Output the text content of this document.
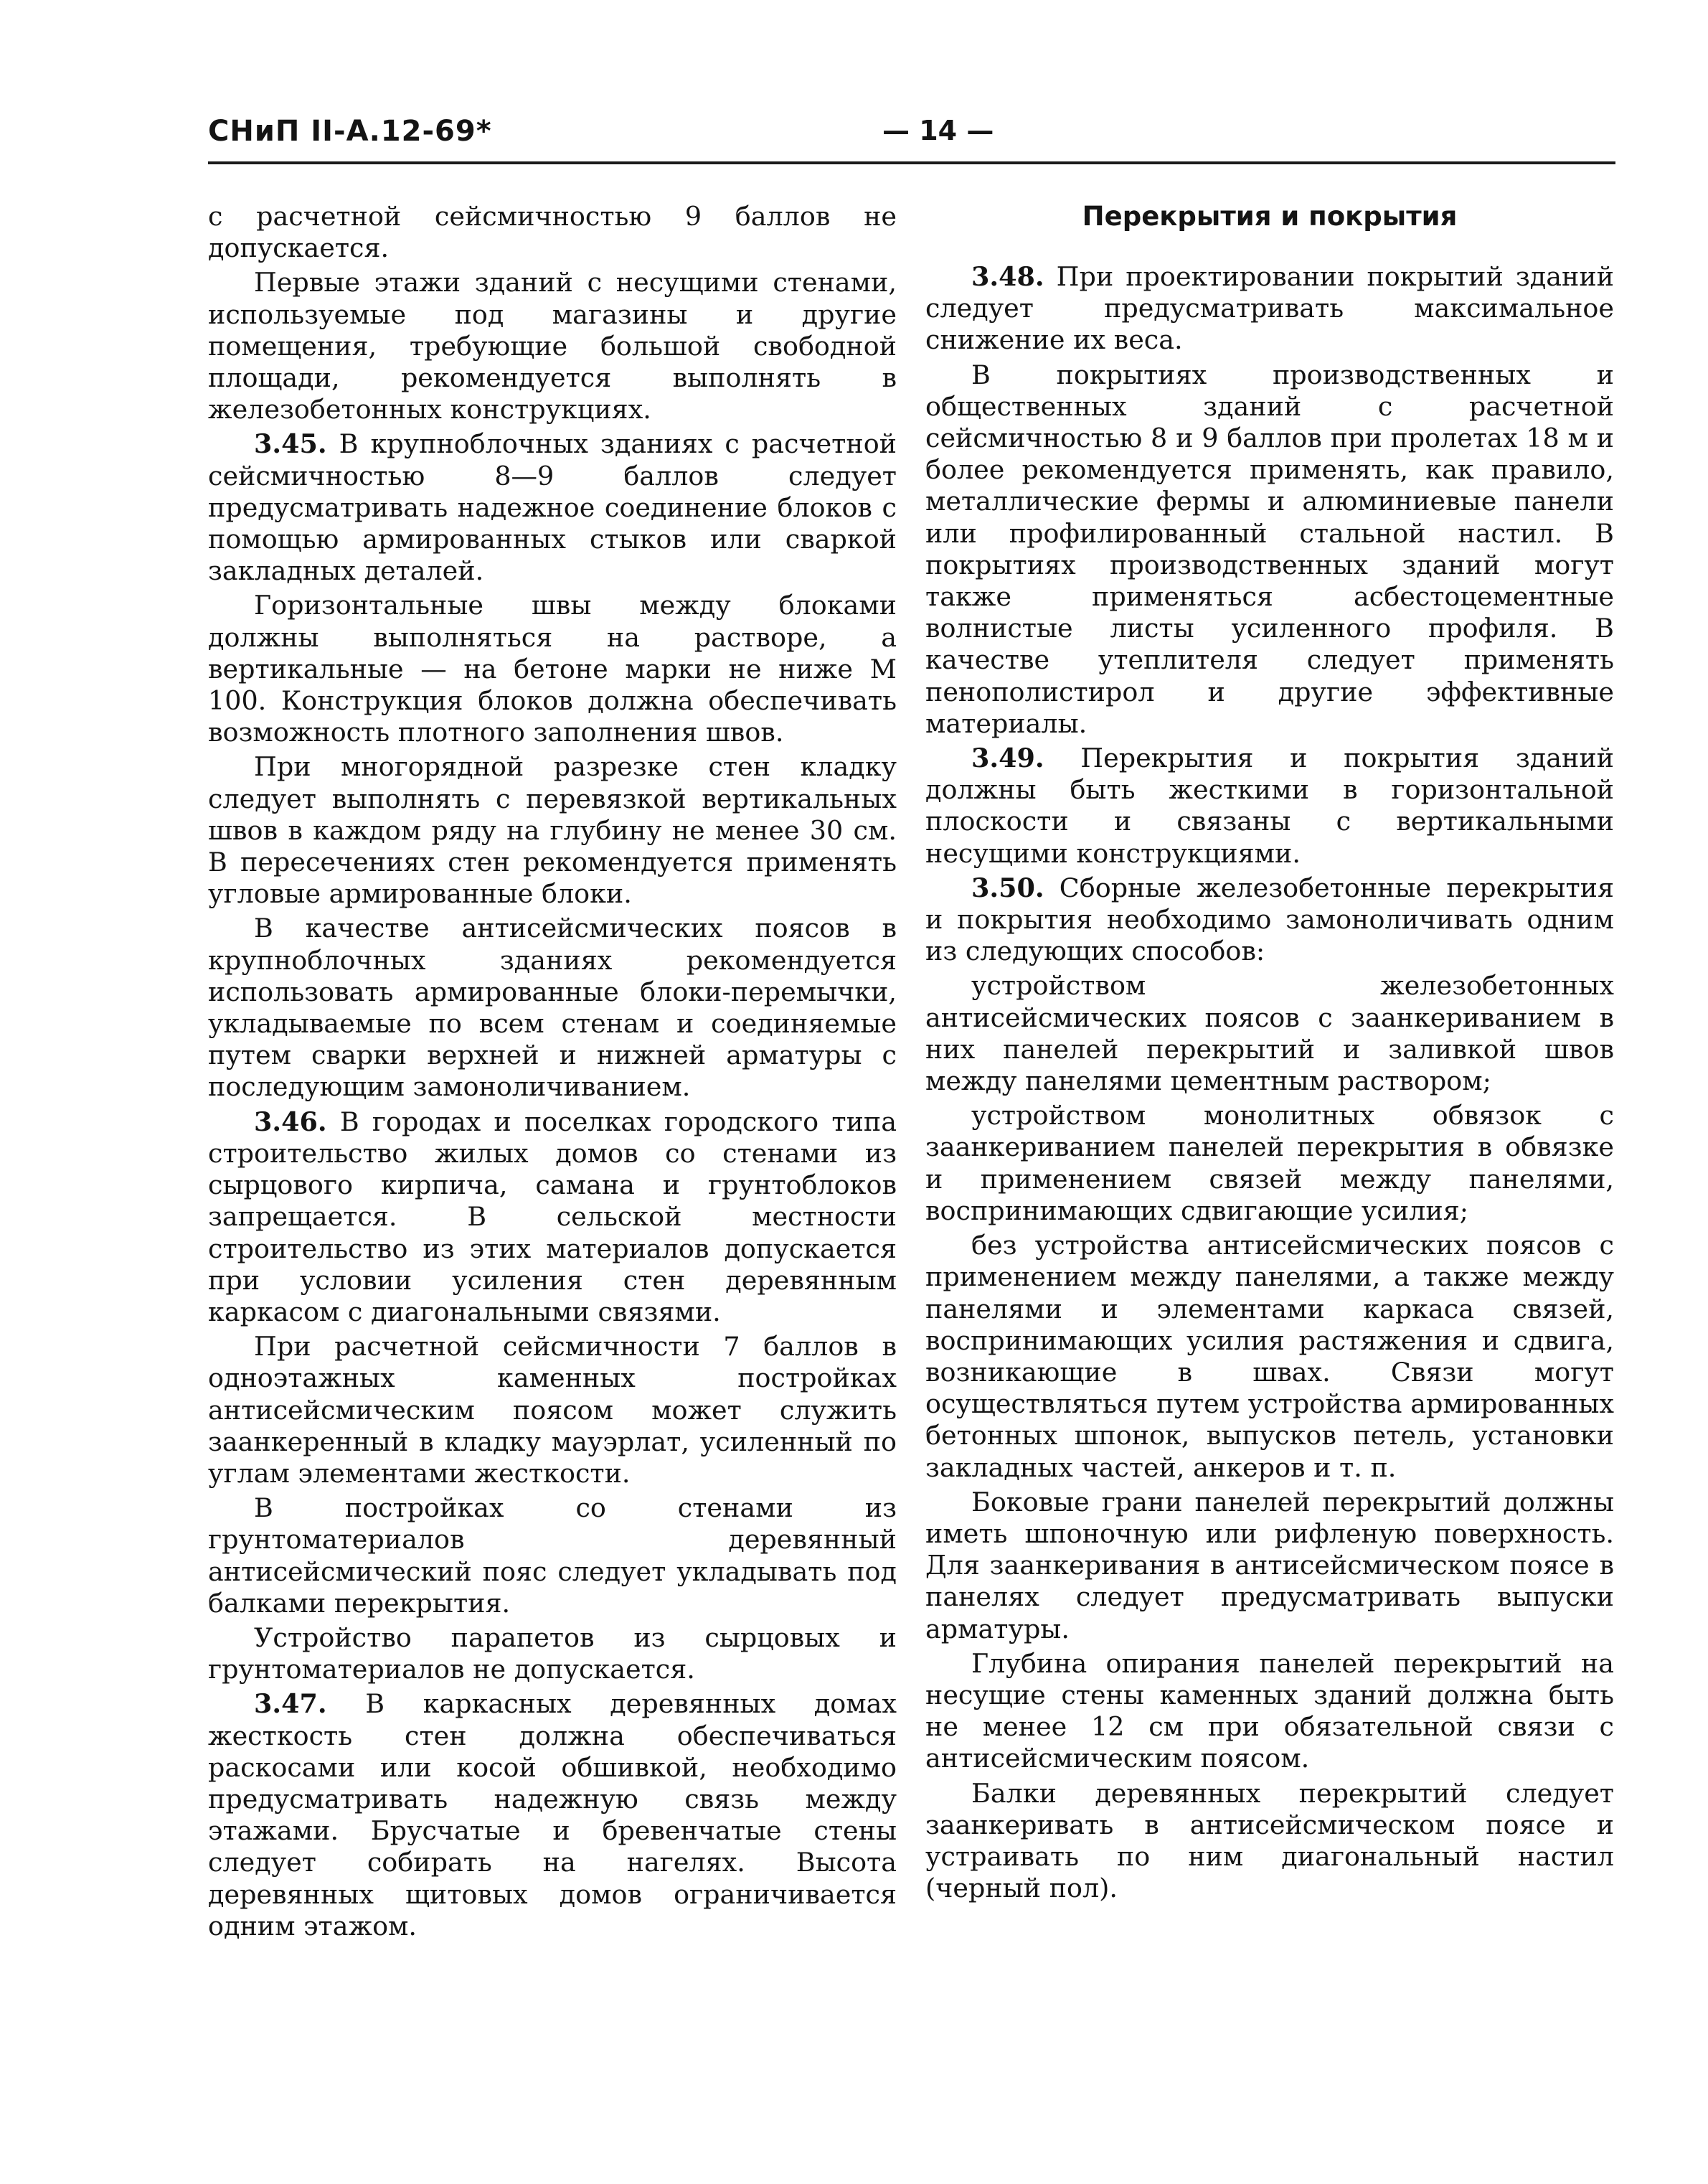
СНиП II-А.12-69*	— 14 —

с расчетной сейсмичностью 9 баллов не допускается.

Первые этажи зданий с несущими стенами, используемые под магазины и другие помещения, требующие большой свободной площади, рекомендуется выполнять в железобетонных конструкциях.

3.45. В крупноблочных зданиях с расчетной сейсмичностью 8—9 баллов следует предусматривать надежное соединение блоков с помощью армированных стыков или сваркой закладных деталей.

Горизонтальные швы между блоками должны выполняться на растворе, а вертикальные — на бетоне марки не ниже М 100. Конструкция блоков должна обеспечивать возможность плотного заполнения швов.

При многорядной разрезке стен кладку следует выполнять с перевязкой вертикальных швов в каждом ряду на глубину не менее 30 см. В пересечениях стен рекомендуется применять угловые армированные блоки.

В качестве антисейсмических поясов в крупноблочных зданиях рекомендуется использовать армированные блоки-перемычки, укладываемые по всем стенам и соединяемые путем сварки верхней и нижней арматуры с последующим замоноличиванием.

3.46. В городах и поселках городского типа строительство жилых домов со стенами из сырцового кирпича, самана и грунтоблоков запрещается. В сельской местности строительство из этих материалов допускается при условии усиления стен деревянным каркасом с диагональными связями.

При расчетной сейсмичности 7 баллов в одноэтажных каменных постройках антисейсмическим поясом может служить заанкеренный в кладку мауэрлат, усиленный по углам элементами жесткости.

В постройках со стенами из грунтоматериалов деревянный антисейсмический пояс следует укладывать под балками перекрытия.

Устройство парапетов из сырцовых и грунтоматериалов не допускается.

3.47. В каркасных деревянных домах жесткость стен должна обеспечиваться раскосами или косой обшивкой, необходимо предусматривать надежную связь между этажами. Брусчатые и бревенчатые стены следует собирать на нагелях. Высота деревянных щитовых домов ограничивается одним этажом.

Перекрытия и покрытия

3.48. При проектировании покрытий зданий следует предусматривать максимальное снижение их веса.

В покрытиях производственных и общественных зданий с расчетной сейсмичностью 8 и 9 баллов при пролетах 18 м и более рекомендуется применять, как правило, металлические фермы и алюминиевые панели или профилированный стальной настил. В покрытиях производственных зданий могут также применяться асбестоцементные волнистые листы усиленного профиля. В качестве утеплителя следует применять пенополистирол и другие эффективные материалы.

3.49. Перекрытия и покрытия зданий должны быть жесткими в горизонтальной плоскости и связаны с вертикальными несущими конструкциями.

3.50. Сборные железобетонные перекрытия и покрытия необходимо замоноличивать одним из следующих способов:

устройством железобетонных антисейсмических поясов с заанкериванием в них панелей перекрытий и заливкой швов между панелями цементным раствором;

устройством монолитных обвязок с заанкериванием панелей перекрытия в обвязке и применением связей между панелями, воспринимающих сдвигающие усилия;

без устройства антисейсмических поясов с применением между панелями, а также между панелями и элементами каркаса связей, воспринимающих усилия растяжения и сдвига, возникающие в швах. Связи могут осуществляться путем устройства армированных бетонных шпонок, выпусков петель, установки закладных частей, анкеров и т. п.

Боковые грани панелей перекрытий должны иметь шпоночную или рифленую поверхность. Для заанкеривания в антисейсмическом поясе в панелях следует предусматривать выпуски арматуры.

Глубина опирания панелей перекрытий на несущие стены каменных зданий должна быть не менее 12 см при обязательной связи с антисейсмическим поясом.

Балки деревянных перекрытий следует заанкеривать в антисейсмическом поясе и устраивать по ним диагональный настил (черный пол).
